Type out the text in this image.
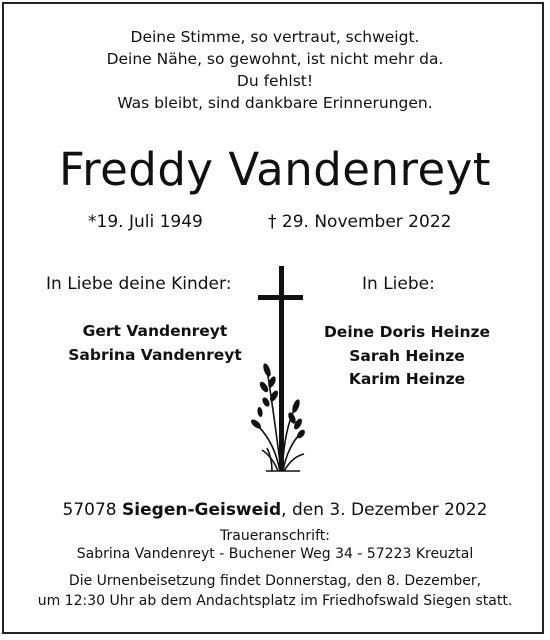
Deine Stimme, so vertraut, schweigt.
Deine Nähe, so gewohnt, ist nicht mehr da.
Du fehlst!
Was bleibt, sind dankbare Erinnerungen.
Freddy Vandenreyt
*19. Juli 1949	† 29. November 2022
In Liebe deine Kinder:	In Liebe:
Gert Vandenreyt
Sabrina Vandenreyt
Deine Doris Heinze
Sarah Heinze
Karim Heinze
57078 Siegen-Geisweid, den 3. Dezember 2022
Traueranschrift:
Sabrina Vandenreyt - Buchener Weg 34 - 57223 Kreuztal
Die Urnenbeisetzung findet Donnerstag, den 8. Dezember,
um 12:30 Uhr ab dem Andachtsplatz im Friedhofswald Siegen statt.
